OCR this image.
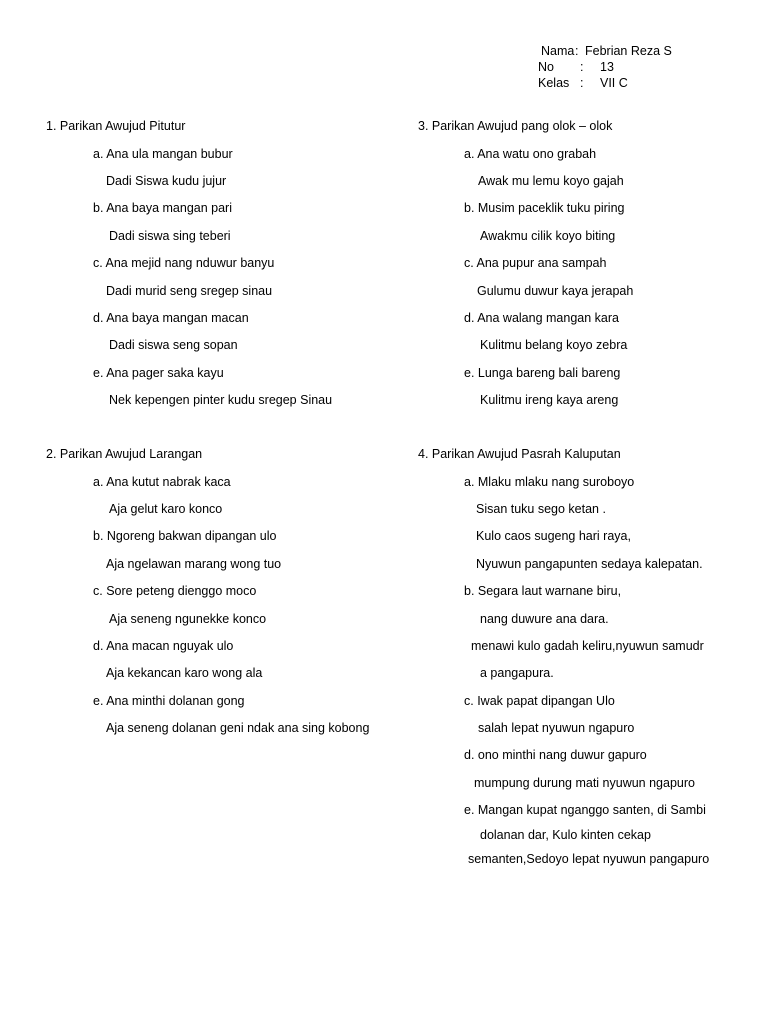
Nama : Febrian Reza S
No	:	13
Kelas :	VII C
1. Parikan Awujud Pitutur
a. Ana ula mangan bubur
Dadi Siswa kudu jujur
b. Ana baya mangan pari
Dadi siswa sing teberi
c. Ana mejid nang nduwur banyu
Dadi murid seng sregep sinau
d. Ana baya mangan macan
Dadi siswa seng sopan
e. Ana pager saka kayu
Nek kepengen pinter kudu sregep Sinau
2. Parikan Awujud Larangan
a. Ana kutut nabrak kaca
Aja gelut karo konco
b. Ngoreng bakwan dipangan ulo
Aja ngelawan marang wong tuo
c. Sore peteng dienggo moco
Aja seneng ngunekke konco
d. Ana macan nguyak ulo
Aja kekancan karo wong ala
e. Ana minthi dolanan gong
Aja seneng dolanan geni ndak ana sing kobong
3. Parikan Awujud pang olok – olok
a. Ana watu ono grabah
Awak mu lemu koyo gajah
b. Musim paceklik tuku piring
Awakmu cilik koyo biting
c. Ana pupur ana sampah
Gulumu duwur kaya jerapah
d. Ana walang mangan kara
Kulitmu belang koyo zebra
e. Lunga bareng bali bareng
Kulitmu ireng kaya areng
4. Parikan Awujud Pasrah Kaluputan
a. Mlaku mlaku nang suroboyo
Sisan tuku sego ketan .
Kulo caos sugeng hari raya,
Nyuwun pangapunten sedaya kalepatan.
b. Segara laut warnane biru,
nang duwure ana dara.
menawi kulo gadah keliru,nyuwun samudr
a pangapura.
c. Iwak papat dipangan Ulo
salah lepat nyuwun ngapuro
d. ono minthi nang duwur gapuro
mumpung durung mati nyuwun ngapuro
e. Mangan kupat nganggo santen, di Sambi
dolanan dar, Kulo kinten cekap
semanten,Sedoyo lepat nyuwun pangapuro
